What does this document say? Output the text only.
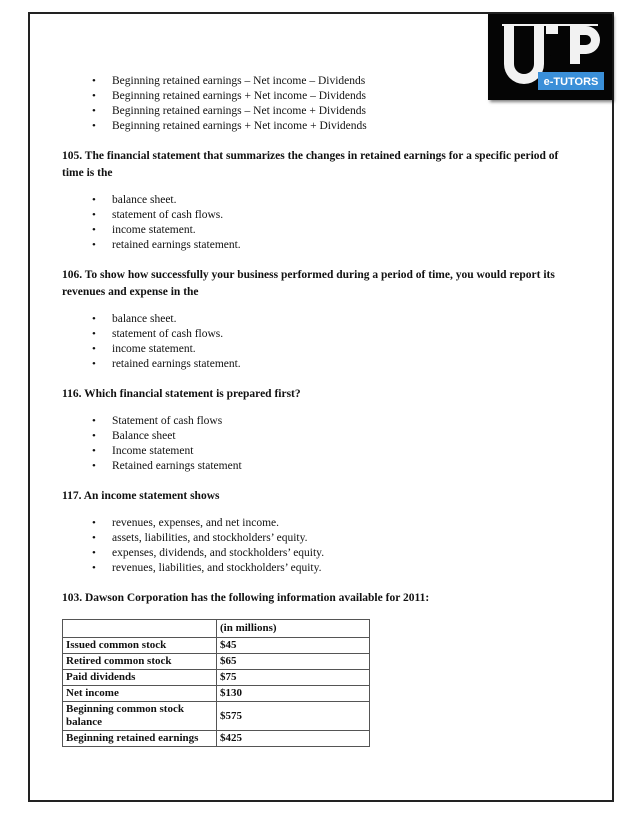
e-TUTORS
UOP
• Beginning retained earnings – Net income – Dividends
• Beginning retained earnings + Net income – Dividends
• Beginning retained earnings – Net income + Dividends
• Beginning retained earnings + Net income + Dividends

105. The financial statement that summarizes the changes in retained earnings for a specific period of time is the

• balance sheet.
• statement of cash flows.
• income statement.
• retained earnings statement.

106. To show how successfully your business performed during a period of time, you would report its revenues and expense in the

• balance sheet.
• statement of cash flows.
• income statement.
• retained earnings statement.

116. Which financial statement is prepared first?

• Statement of cash flows
• Balance sheet
• Income statement
• Retained earnings statement

117. An income statement shows

• revenues, expenses, and net income.
• assets, liabilities, and stockholders’ equity.
• expenses, dividends, and stockholders’ equity.
• revenues, liabilities, and stockholders’ equity.

103. Dawson Corporation has the following information available for 2011:

	(in millions)
Issued common stock	$45
Retired common stock	$65
Paid dividends	$75
Net income	$130
Beginning common stock balance	$575
Beginning retained earnings	$425
